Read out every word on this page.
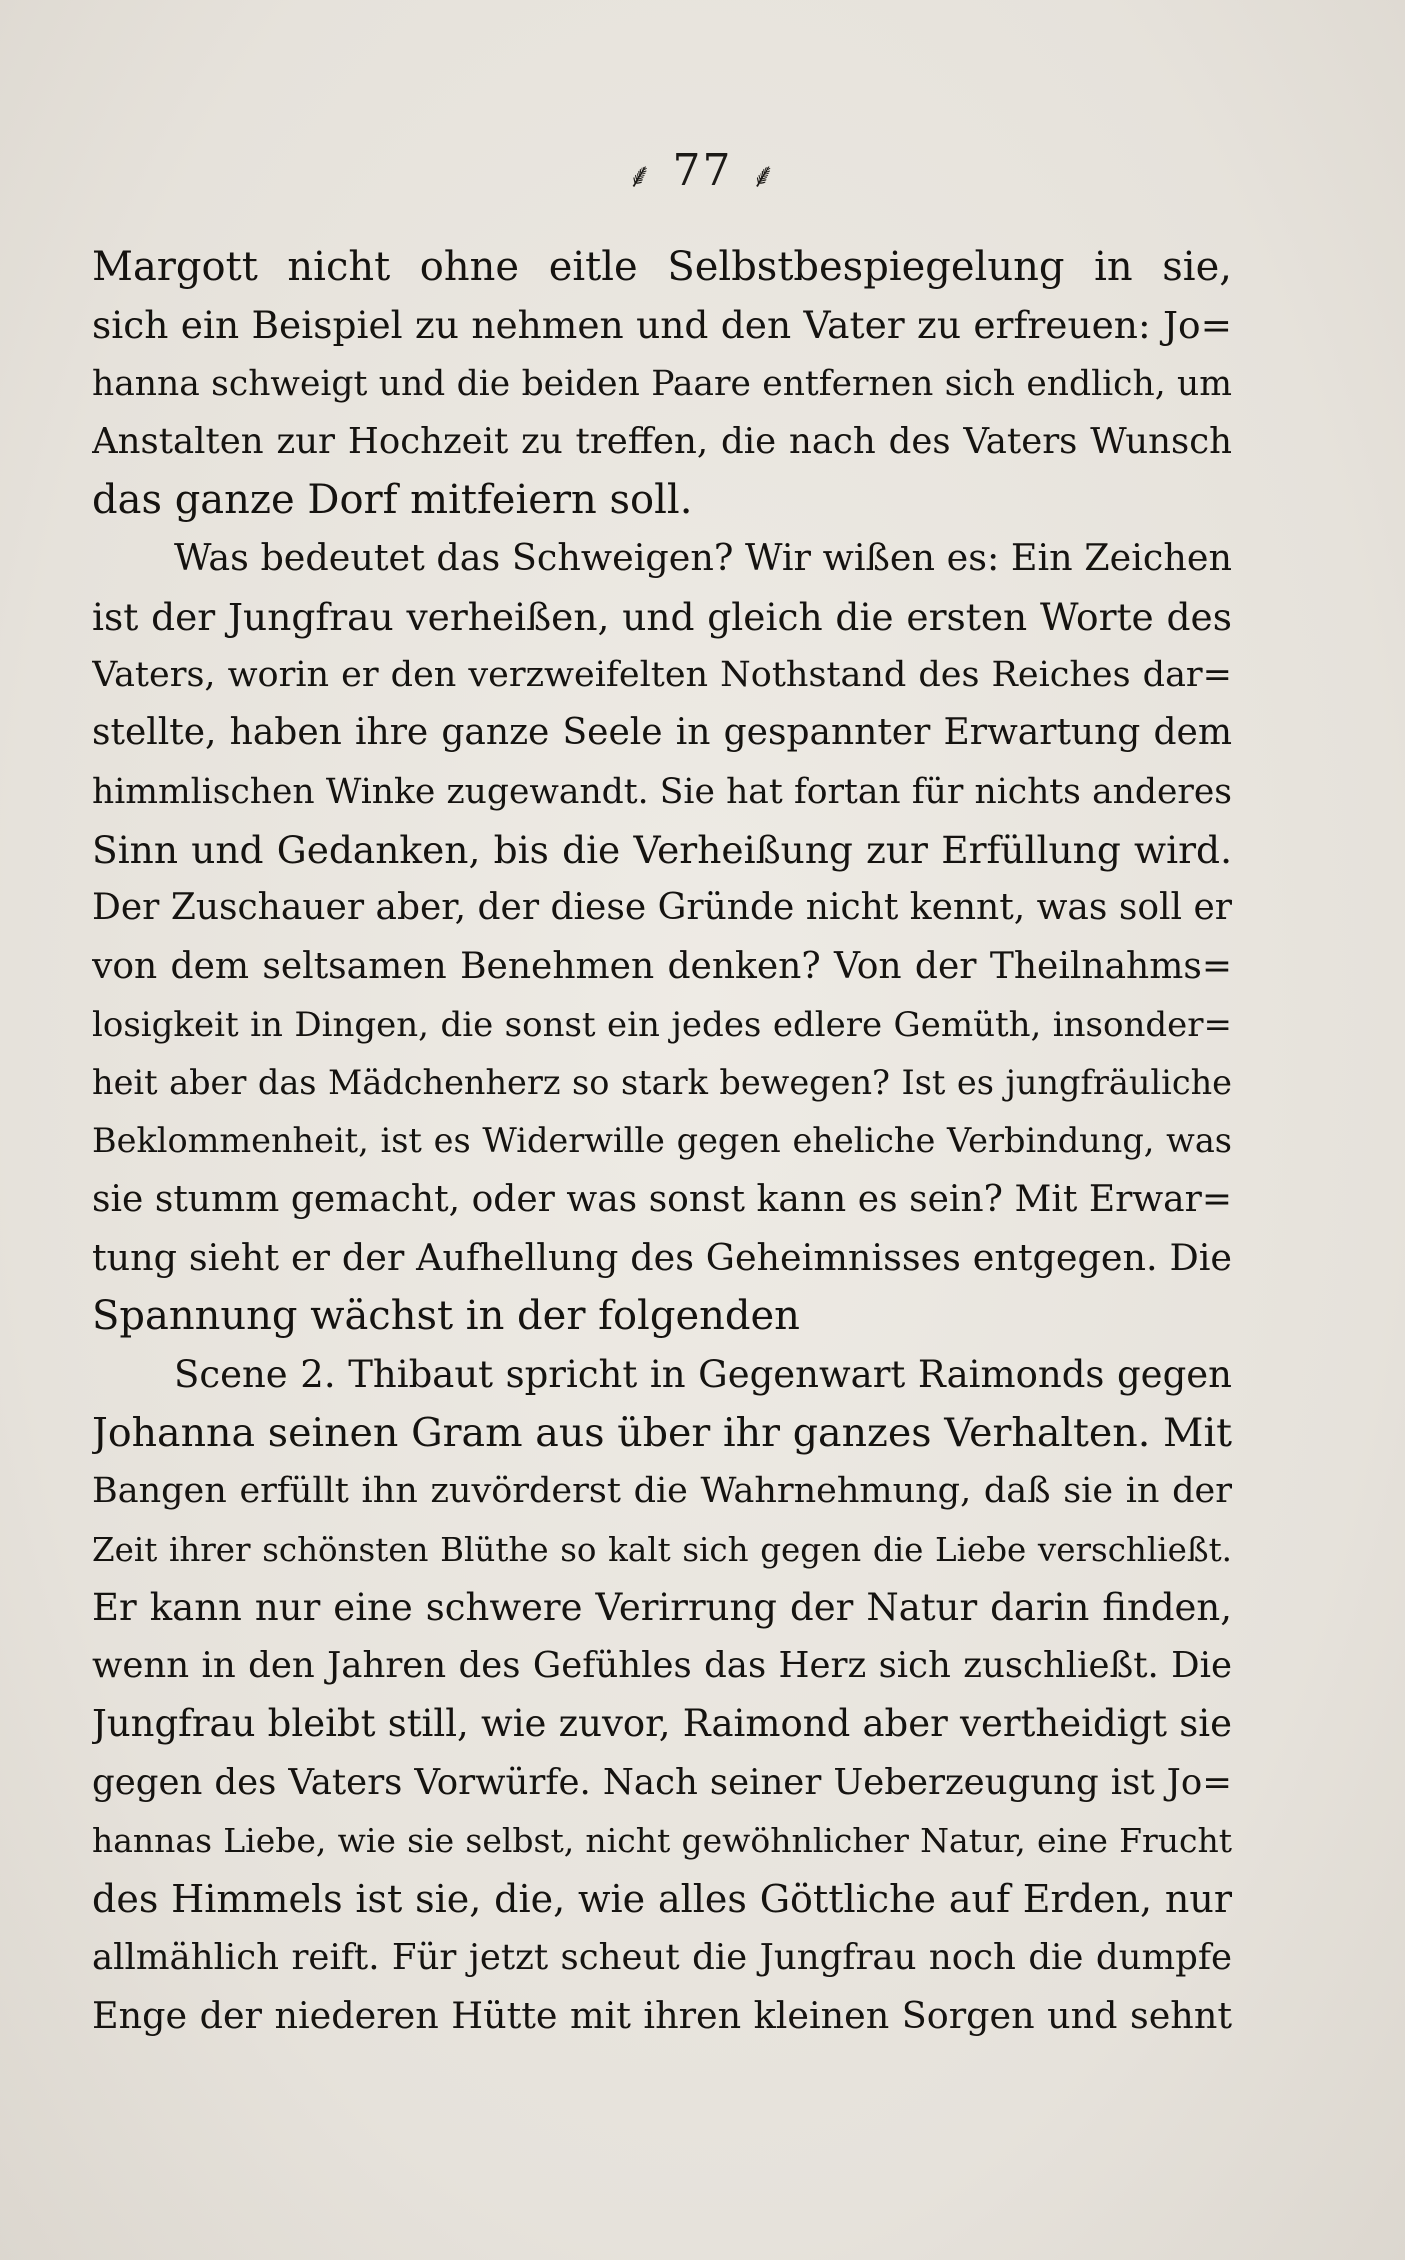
⸙ 77 ⸙
Margott nicht ohne eitle Selbstbespiegelung in sie,
sich ein Beispiel zu nehmen und den Vater zu erfreuen: Jo=
hanna schweigt und die beiden Paare entfernen sich endlich, um
Anstalten zur Hochzeit zu treffen, die nach des Vaters Wunsch
das ganze Dorf mitfeiern soll.
Was bedeutet das Schweigen? Wir wißen es: Ein Zeichen
ist der Jungfrau verheißen, und gleich die ersten Worte des
Vaters, worin er den verzweifelten Nothstand des Reiches dar=
stellte, haben ihre ganze Seele in gespannter Erwartung dem
himmlischen Winke zugewandt. Sie hat fortan für nichts anderes
Sinn und Gedanken, bis die Verheißung zur Erfüllung wird.
Der Zuschauer aber, der diese Gründe nicht kennt, was soll er
von dem seltsamen Benehmen denken? Von der Theilnahms=
losigkeit in Dingen, die sonst ein jedes edlere Gemüth, insonder=
heit aber das Mädchenherz so stark bewegen? Ist es jungfräuliche
Beklommenheit, ist es Widerwille gegen eheliche Verbindung, was
sie stumm gemacht, oder was sonst kann es sein? Mit Erwar=
tung sieht er der Aufhellung des Geheimnisses entgegen. Die
Spannung wächst in der folgenden
Scene 2. Thibaut spricht in Gegenwart Raimonds gegen
Johanna seinen Gram aus über ihr ganzes Verhalten. Mit
Bangen erfüllt ihn zuvörderst die Wahrnehmung, daß sie in der
Zeit ihrer schönsten Blüthe so kalt sich gegen die Liebe verschließt.
Er kann nur eine schwere Verirrung der Natur darin finden,
wenn in den Jahren des Gefühles das Herz sich zuschließt. Die
Jungfrau bleibt still, wie zuvor, Raimond aber vertheidigt sie
gegen des Vaters Vorwürfe. Nach seiner Ueberzeugung ist Jo=
hannas Liebe, wie sie selbst, nicht gewöhnlicher Natur, eine Frucht
des Himmels ist sie, die, wie alles Göttliche auf Erden, nur
allmählich reift. Für jetzt scheut die Jungfrau noch die dumpfe
Enge der niederen Hütte mit ihren kleinen Sorgen und sehnt
